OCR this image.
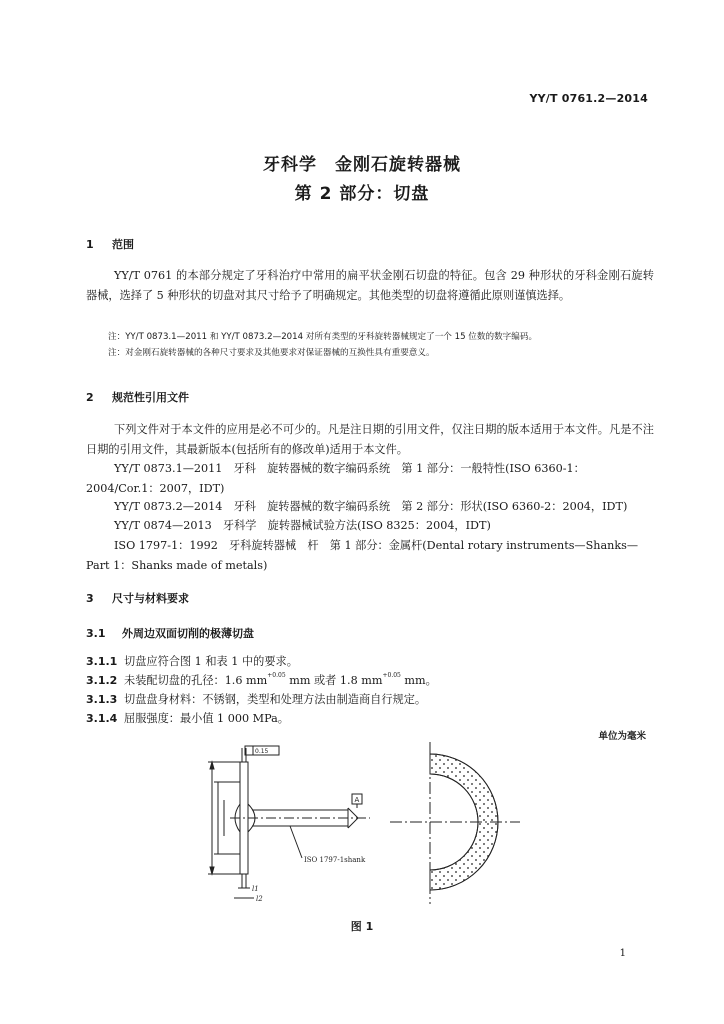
YY/T 0761.2—2014
牙科学　金刚石旋转器械
第 2 部分：切盘
1 范围
YY/T 0761 的本部分规定了牙科治疗中常用的扁平状金刚石切盘的特征。包含 29 种形状的牙科金刚石旋转器械，选择了 5 种形状的切盘对其尺寸给予了明确规定。其他类型的切盘将遵循此原则谨慎选择。
注：YY/T 0873.1—2011 和 YY/T 0873.2—2014 对所有类型的牙科旋转器械规定了一个 15 位数的数字编码。
注：对金刚石旋转器械的各种尺寸要求及其他要求对保证器械的互换性具有重要意义。
2 规范性引用文件
下列文件对于本文件的应用是必不可少的。凡是注日期的引用文件，仅注日期的版本适用于本文件。凡是不注日期的引用文件，其最新版本(包括所有的修改单)适用于本文件。
YY/T 0873.1—2011　牙科　旋转器械的数字编码系统　第 1 部分：一般特性(ISO 6360-1：2004/Cor.1：2007，IDT)
YY/T 0873.2—2014　牙科　旋转器械的数字编码系统　第 2 部分：形状(ISO 6360-2：2004，IDT)
YY/T 0874—2013　牙科学　旋转器械试验方法(ISO 8325：2004，IDT)
ISO 1797-1：1992　牙科旋转器械　杆　第 1 部分：金属杆(Dental rotary instruments—Shanks—Part 1：Shanks made of metals)
3 尺寸与材料要求
3.1 外周边双面切削的极薄切盘
3.1.1 切盘应符合图 1 和表 1 中的要求。
3.1.2 未装配切盘的孔径：1.6 $mm^{+0.05}$ mm 或者 1.8 $mm^{+0.05}$ mm。
3.1.3 切盘盘身材料：不锈钢，类型和处理方法由制造商自行规定。
3.1.4 屈服强度：最小值 1 000 MPa。
单位为毫米
A
0.15
ISO 1797-1shank
l1
l2
图 1
1
